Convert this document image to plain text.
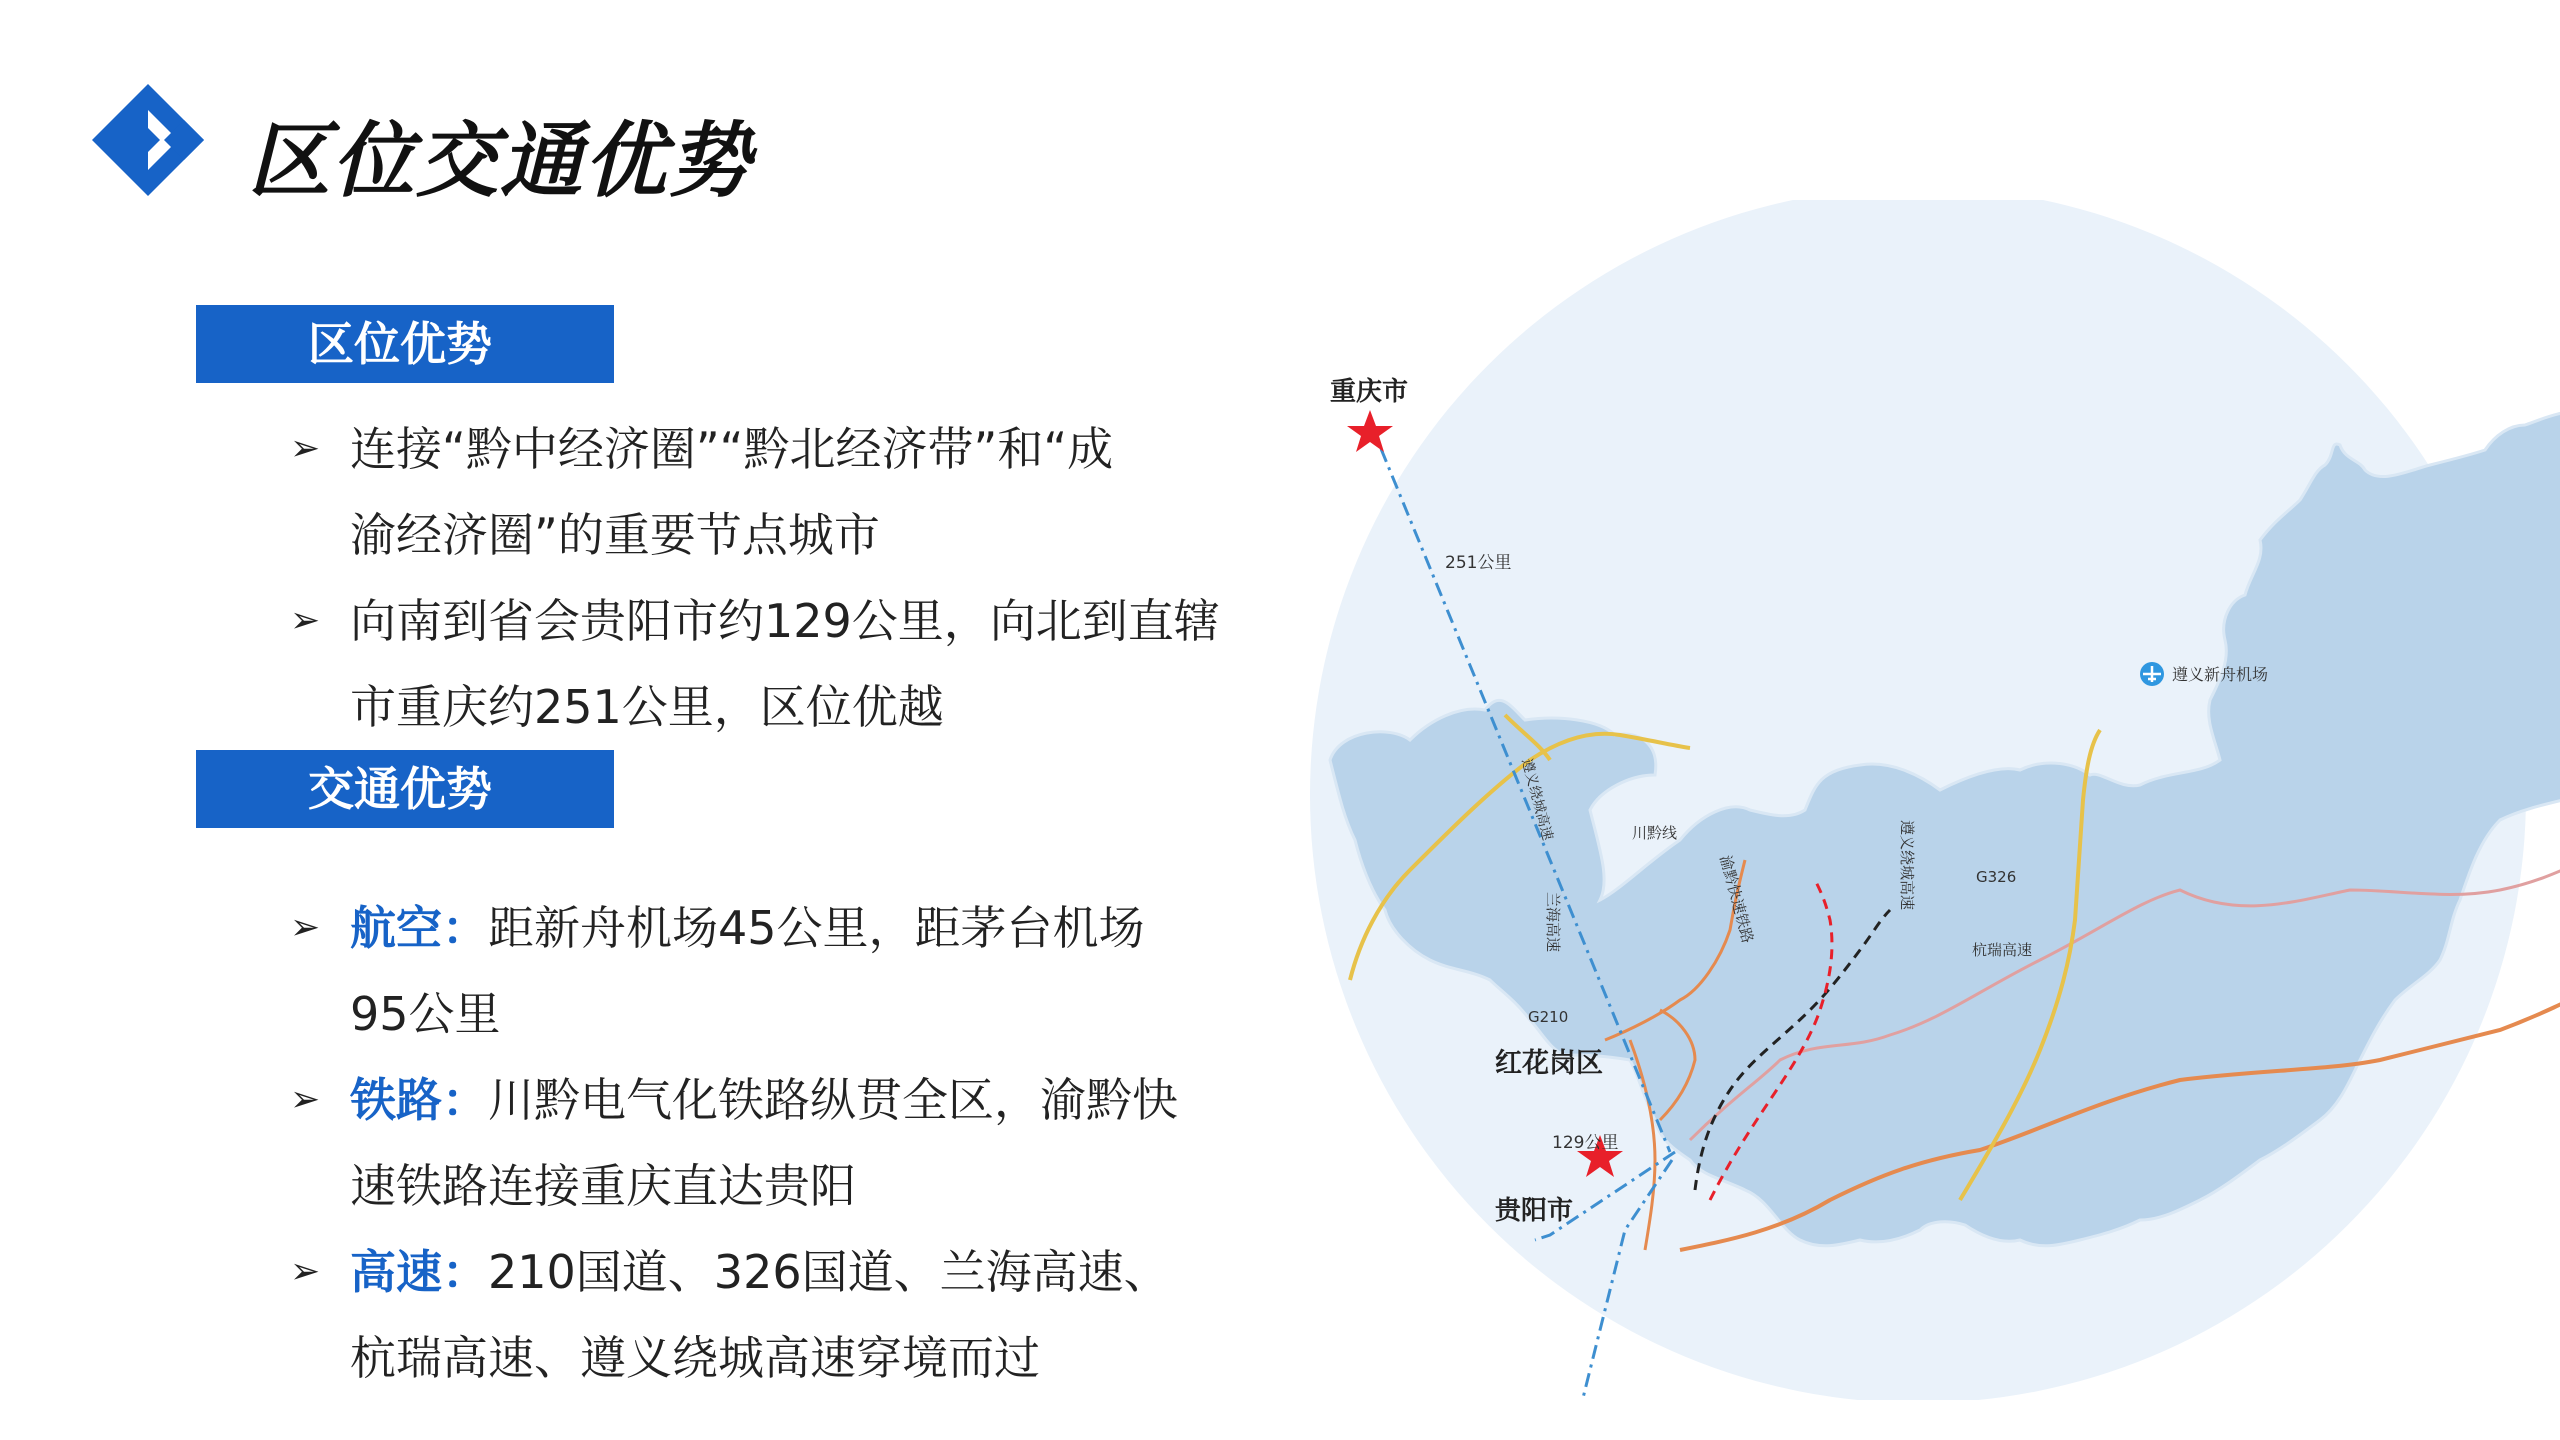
区位交通优势
区位优势
➢ 连接“黔中经济圈”“黔北经济带”和“成
渝经济圈”的重要节点城市
➢ 向南到省会贵阳市约129公里，向北到直辖
市重庆约251公里，区位优越
交通优势
➢ 航空：距新舟机场45公里，距茅台机场
95公里
➢ 铁路：川黔电气化铁路纵贯全区，渝黔快
速铁路连接重庆直达贵阳
➢ 高速：210国道、326国道、兰海高速、
杭瑞高速、遵义绕城高速穿境而过
重庆市
251公里
遵义新舟机场
川黔线
G326
杭瑞高速
G210
红花岗区
129公里
贵阳市
遵义绕城高速
遵义绕城高速
兰海高速	渝黔快速铁路
